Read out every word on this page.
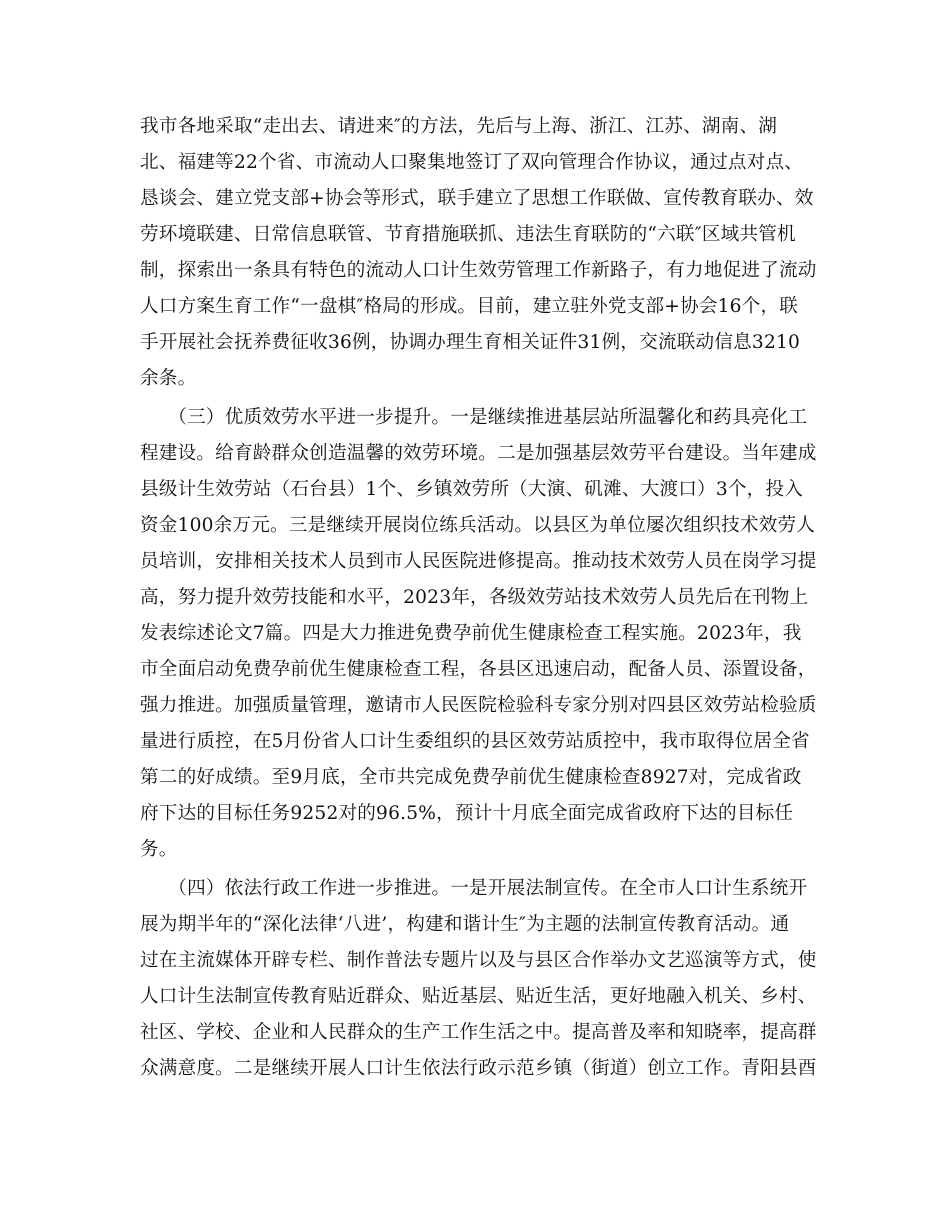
我市各地采取“走出去、请进来″的方法，先后与上海、浙江、江苏、湖南、湖
北、福建等22个省、市流动人口聚集地签订了双向管理合作协议，通过点对点、
恳谈会、建立党支部+协会等形式，联手建立了思想工作联做、宣传教育联办、效
劳环境联建、日常信息联管、节育措施联抓、违法生育联防的“六联″区域共管机
制，探索出一条具有特色的流动人口计生效劳管理工作新路子，有力地促进了流动
人口方案生育工作“一盘棋″格局的形成。目前，建立驻外党支部+协会16个，联
手开展社会抚养费征收36例，协调办理生育相关证件31例，交流联动信息3210
余条。
　　（三）优质效劳水平进一步提升。一是继续推进基层站所温馨化和药具亮化工
程建设。给育龄群众创造温馨的效劳环境。二是加强基层效劳平台建设。当年建成
县级计生效劳站（石台县）1个、乡镇效劳所（大演、矶滩、大渡口）3个，投入
资金100余万元。三是继续开展岗位练兵活动。以县区为单位屡次组织技术效劳人
员培训，安排相关技术人员到市人民医院进修提高。推动技术效劳人员在岗学习提
高，努力提升效劳技能和水平，2023年，各级效劳站技术效劳人员先后在刊物上
发表综述论文7篇。四是大力推进免费孕前优生健康检查工程实施。2023年，我
市全面启动免费孕前优生健康检查工程，各县区迅速启动，配备人员、添置设备，
强力推进。加强质量管理，邀请市人民医院检验科专家分别对四县区效劳站检验质
量进行质控，在5月份省人口计生委组织的县区效劳站质控中，我市取得位居全省
第二的好成绩。至9月底，全市共完成免费孕前优生健康检查8927对，完成省政
府下达的目标任务9252对的96.5%，预计十月底全面完成省政府下达的目标任
务。
　　（四）依法行政工作进一步推进。一是开展法制宣传。在全市人口计生系统开
展为期半年的“深化法律‘八进’，构建和谐计生″为主题的法制宣传教育活动。通
过在主流媒体开辟专栏、制作普法专题片以及与县区合作举办文艺巡演等方式，使
人口计生法制宣传教育贴近群众、贴近基层、贴近生活，更好地融入机关、乡村、
社区、学校、企业和人民群众的生产工作生活之中。提高普及率和知晓率，提高群
众满意度。二是继续开展人口计生依法行政示范乡镇（街道）创立工作。青阳县酉
